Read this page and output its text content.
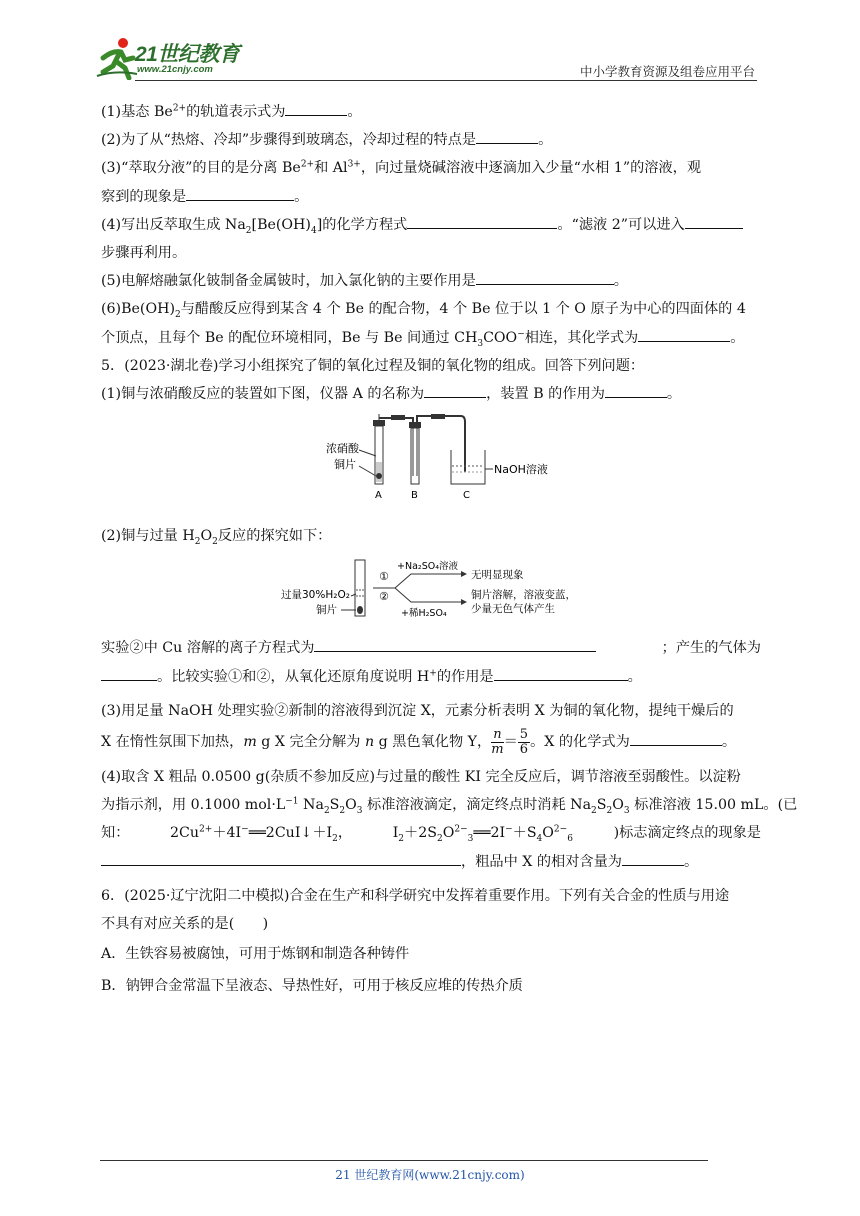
21世纪教育
www.21cnjy.com	中小学教育资源及组卷应用平台

(1)基态 $Be^{2+}$的轨道表示式为	。

(2)为了从“热熔、冷却”步骤得到玻璃态，冷却过程的特点是	。

(3)“萃取分液”的目的是分离 $Be^{2+}$和 $Al^{3+}$，向过量烧碱溶液中逐滴加入少量“水相 1”的溶液，观

察到的现象是	。

(4)写出反萃取生成 $Na_2[Be(OH)_4]$的化学方程式	。“滤液 2”可以进入

步骤再利用。

(5)电解熔融氯化铍制备金属铍时，加入氯化钠的主要作用是	。

$(6)Be(OH)_2$与醋酸反应得到某含 4 个 Be 的配合物，4 个 Be 位于以 1 个 O 原子为中心的四面体的 4

个顶点，且每个 Be 的配位环境相同，Be 与 Be 间通过 $CH_3COO^-$相连，其化学式为	。

5．(2023·湖北卷)学习小组探究了铜的氧化过程及铜的氧化物的组成。回答下列问题：

(1)铜与浓硝酸反应的装置如下图，仪器 A 的名称为	，装置 B 的作用为	。

浓硝酸
铜片	NaOH溶液
A	B	C

(2)铜与过量 $H_2O_2$反应的探究如下：

过量30%H₂O₂
铜片
①
②
+Na₂SO₄溶液
+稀H₂SO₄
无明显现象
铜片溶解，溶液变蓝，
少量无色气体产生

实验②中 Cu 溶解的离子方程式为	；产生的气体为

。比较实验①和②，从氧化还原角度说明 H+的作用是	。

(3)用足量 NaOH 处理实验②新制的溶液得到沉淀 X，元素分析表明 X 为铜的氧化物，提纯干燥后的

X 在惰性氛围下加热，m g X 完全分解为 n g 黑色氧化物 Y， $\frac{n}{m} = \frac{5}{6}$ 。X 的化学式为	。

(4)取含 X 粗品 0.0500 g(杂质不参加反应)与过量的酸性 KI 完全反应后，调节溶液至弱酸性。以淀粉

为指示剂，用 0.1000 $mol\cdot L^{-1}$ $Na_2S_2O_3$ 标准溶液滴定，滴定终点时消耗 $Na_2S_2O_3$ 标准溶液 15.00 mL。(已

知：	$2Cu^{2+}+4I^-══2CuI↓+I_2$，	$I_2+2S_2O^{2-}_3══2I^-+S_4O^{2-}_6$	)标志滴定终点的现象是

，粗品中 X 的相对含量为	。

6．(2025·辽宁沈阳二中模拟)合金在生产和科学研究中发挥着重要作用。下列有关合金的性质与用途

不具有对应关系的是(　　)

A．生铁容易被腐蚀，可用于炼钢和制造各种铸件

B．钠钾合金常温下呈液态、导热性好，可用于核反应堆的传热介质

21 世纪教育网(www.21cnjy.com)
